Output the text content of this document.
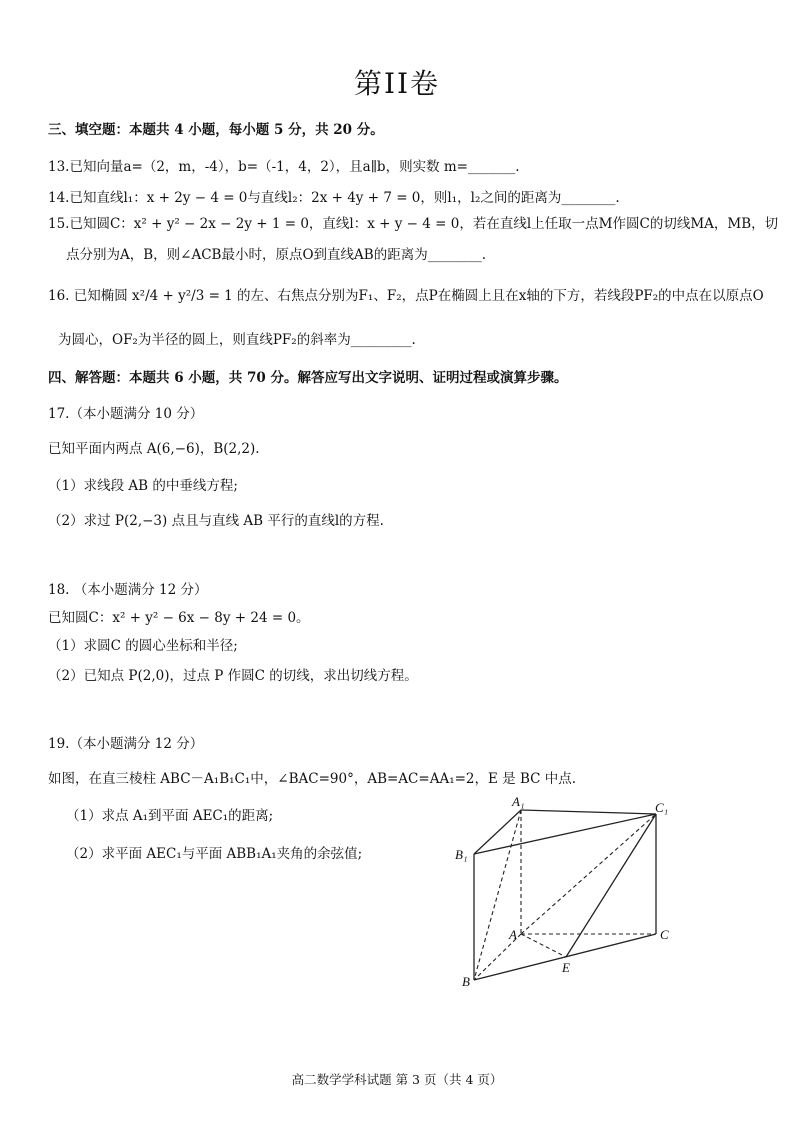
第II卷
三、填空题：本题共 4 小题，每小题 5 分，共 20 分。
13.已知向量a=（2，m，-4），b=（-1，4，2），且a∥b，则实数 m=_______.
14.已知直线l₁：x + 2y − 4 = 0与直线l₂：2x + 4y + 7 = 0，则l₁，l₂之间的距离为________.
15.已知圆C：x² + y² − 2x − 2y + 1 = 0，直线l：x + y − 4 = 0，若在直线l上任取一点M作圆C的切线MA，MB，切
点分别为A，B，则∠ACB最小时，原点O到直线AB的距离为________.
16. 已知椭圆 x²/4 + y²/3 = 1 的左、右焦点分别为F₁、F₂，点P在椭圆上且在x轴的下方，若线段PF₂的中点在以原点O
为圆心，OF₂为半径的圆上，则直线PF₂的斜率为_________.
四、解答题：本题共 6 小题，共 70 分。解答应写出文字说明、证明过程或演算步骤。
17.（本小题满分 10 分）
已知平面内两点 A(6,−6)，B(2,2).
（1）求线段 AB 的中垂线方程;
（2）求过 P(2,−3) 点且与直线 AB 平行的直线l的方程.
18. （本小题满分 12 分）
已知圆C：x² + y² − 6x − 8y + 24 = 0。
（1）求圆C 的圆心坐标和半径;
（2）已知点 P(2,0)，过点 P 作圆C 的切线，求出切线方程。
19.（本小题满分 12 分）
如图，在直三棱柱 ABC－A₁B₁C₁中，∠BAC=90°，AB=AC=AA₁=2，E 是 BC 中点.
（1）求点 A₁到平面 AEC₁的距离;
（2）求平面 AEC₁与平面 ABB₁A₁夹角的余弦值;
A₁	C₁
B₁
A	C
E
B
高二数学学科试题 第 3 页（共 4 页）
